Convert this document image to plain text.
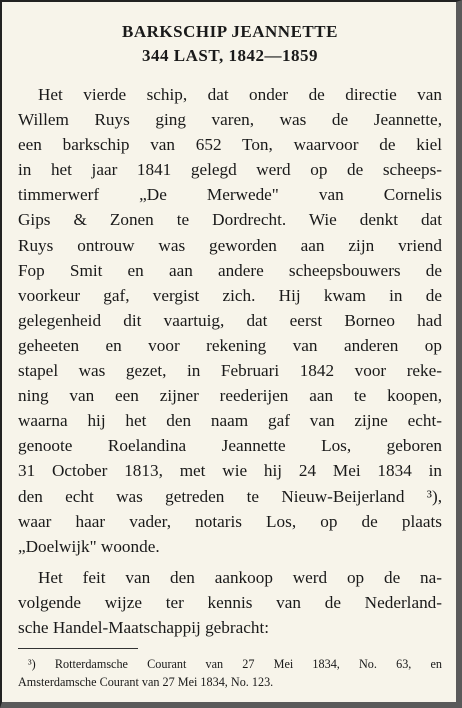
BARKSCHIP JEANNETTE
344 LAST, 1842—1859
Het vierde schip, dat onder de directie van
Willem Ruys ging varen, was de Jeannette,
een barkschip van 652 Ton, waarvoor de kiel
in het jaar 1841 gelegd werd op de scheeps-
timmerwerf „De Merwede" van Cornelis
Gips & Zonen te Dordrecht. Wie denkt dat
Ruys ontrouw was geworden aan zijn vriend
Fop Smit en aan andere scheepsbouwers de
voorkeur gaf, vergist zich. Hij kwam in de
gelegenheid dit vaartuig, dat eerst Borneo had
geheeten en voor rekening van anderen op
stapel was gezet, in Februari 1842 voor reke-
ning van een zijner reederijen aan te koopen,
waarna hij het den naam gaf van zijne echt-
genoote Roelandina Jeannette Los, geboren
31 October 1813, met wie hij 24 Mei 1834 in
den echt was getreden te Nieuw-Beijerland ³),
waar haar vader, notaris Los, op de plaats
„Doelwijk" woonde.
Het feit van den aankoop werd op de na-
volgende wijze ter kennis van de Nederland-
sche Handel-Maatschappij gebracht:
³) Rotterdamsche Courant van 27 Mei 1834, No. 63, en
Amsterdamsche Courant van 27 Mei 1834, No. 123.
